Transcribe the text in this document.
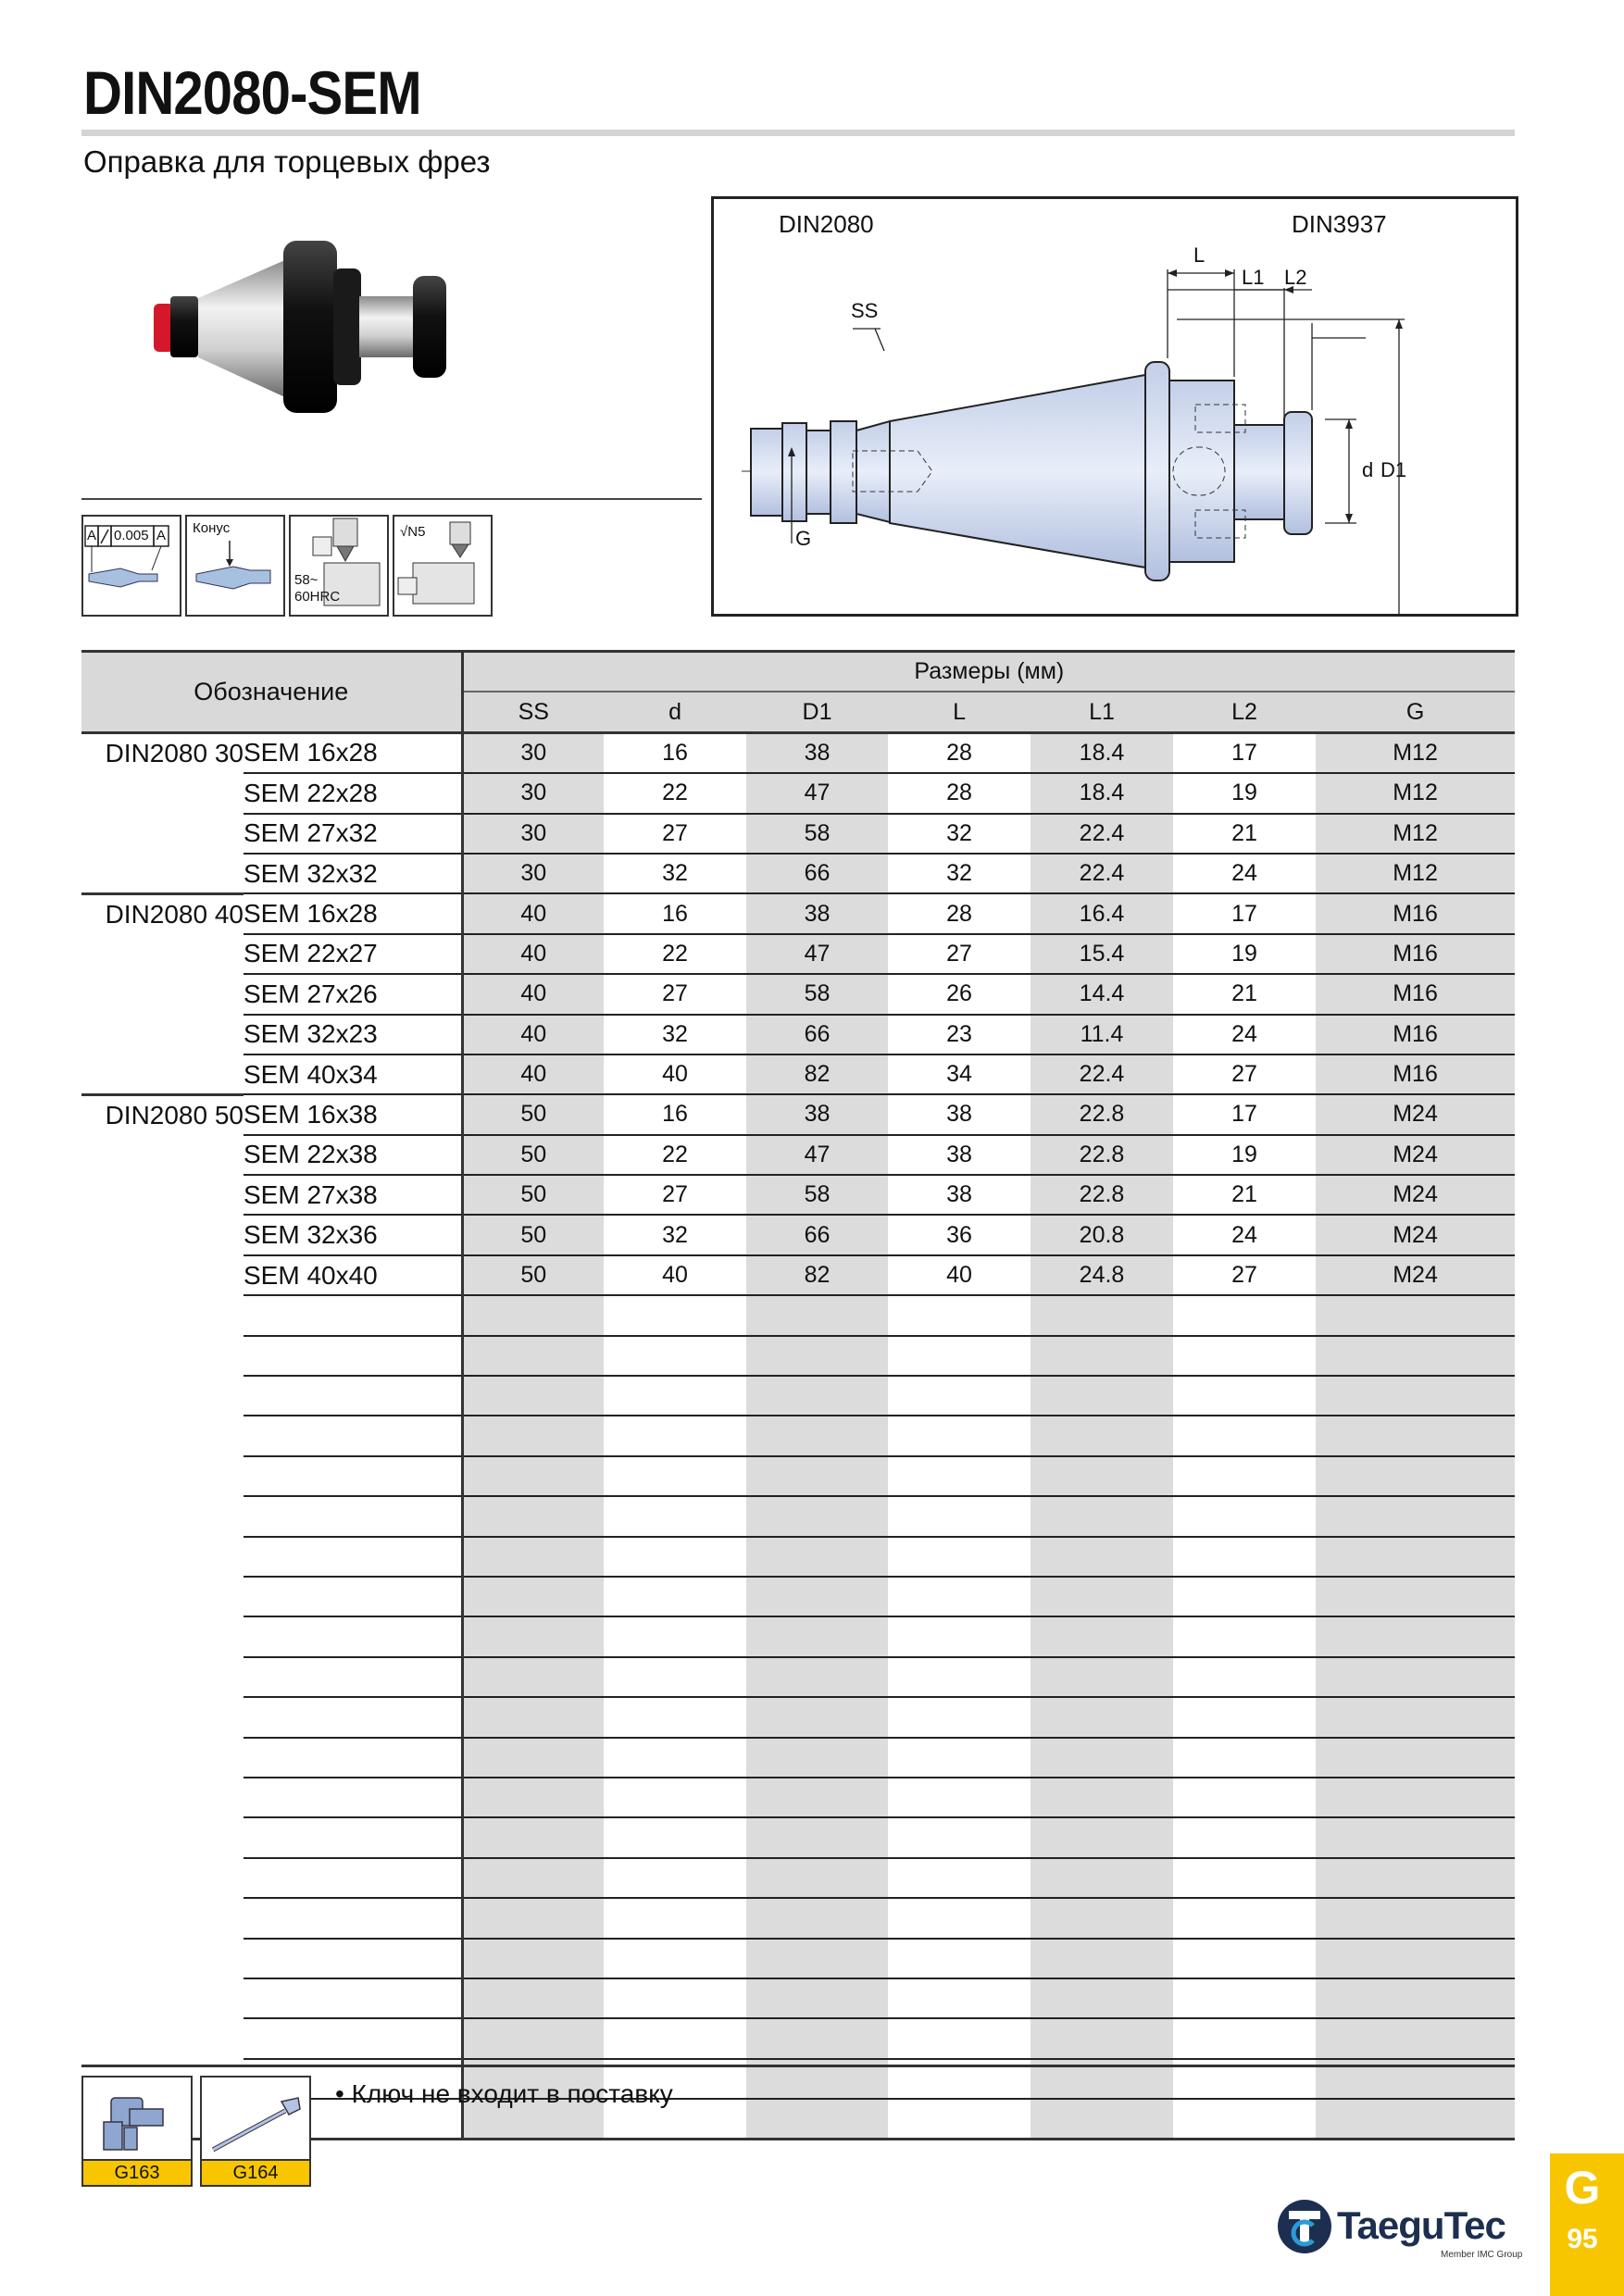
DIN2080-SEM
Оправка для торцевых фрез
A 0.005 A Конус
58~
60HRC
√N5
DIN2080	DIN3937
L
L1 L2
SS
G
d D1
Обозначение		Размеры (мм)						
		SS	d	D1	L	L1	L2	G
DIN2080 30	SEM 16x28	30	16	38	28	18.4	17	M12
	SEM 22x28	30	22	47	28	18.4	19	M12
	SEM 27x32	30	27	58	32	22.4	21	M12
	SEM 32x32	30	32	66	32	22.4	24	M12
DIN2080 40	SEM 16x28	40	16	38	28	16.4	17	M16
	SEM 22x27	40	22	47	27	15.4	19	M16
	SEM 27x26	40	27	58	26	14.4	21	M16
	SEM 32x23	40	32	66	23	11.4	24	M16
	SEM 40x34	40	40	82	34	22.4	27	M16
DIN2080 50	SEM 16x38	50	16	38	38	22.8	17	M24
	SEM 22x38	50	22	47	38	22.8	19	M24
	SEM 27x38	50	27	58	38	22.8	21	M24
	SEM 32x36	50	32	66	36	20.8	24	M24
	SEM 40x40	50	40	82	40	24.8	27	M24

G163	G164
• Ключ не входит в поставку
TaeguTec
Member IMC Group
G
95
